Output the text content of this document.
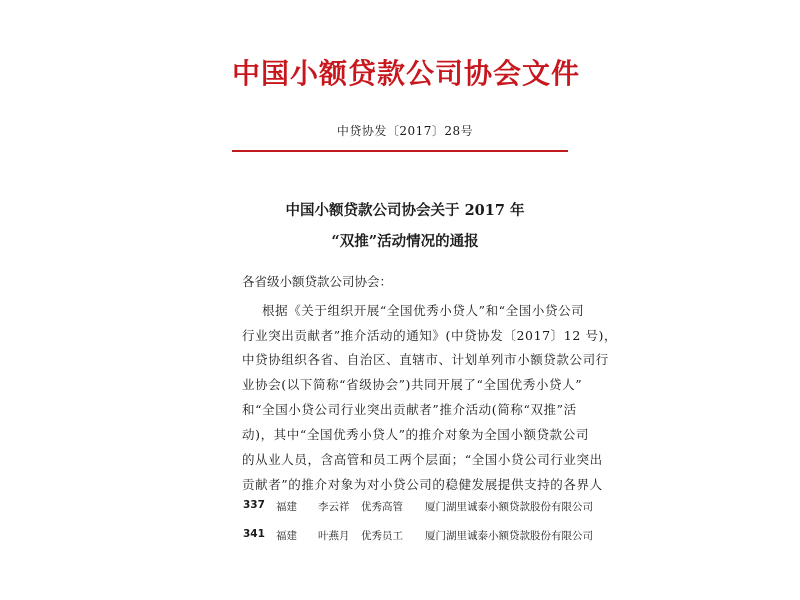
中国小额贷款公司协会文件
中贷协发〔2017〕28号
中国小额贷款公司协会关于 2017 年
“双推”活动情况的通报
各省级小额贷款公司协会：
根据《关于组织开展“全国优秀小贷人”和“全国小贷公司
行业突出贡献者”推介活动的通知》(中贷协发〔2017〕12 号)，
中贷协组织各省、自治区、直辖市、计划单列市小额贷款公司行
业协会(以下简称“省级协会”)共同开展了“全国优秀小贷人”
和“全国小贷公司行业突出贡献者”推介活动(简称“双推”活
动)，其中“全国优秀小贷人”的推介对象为全国小额贷款公司
的从业人员，含高管和员工两个层面；“全国小贷公司行业突出
贡献者”的推介对象为对小贷公司的稳健发展提供支持的各界人
337 福建 李云祥 优秀高管 厦门湖里诚泰小额贷款股份有限公司
341 福建 叶燕月 优秀员工 厦门湖里诚泰小额贷款股份有限公司
